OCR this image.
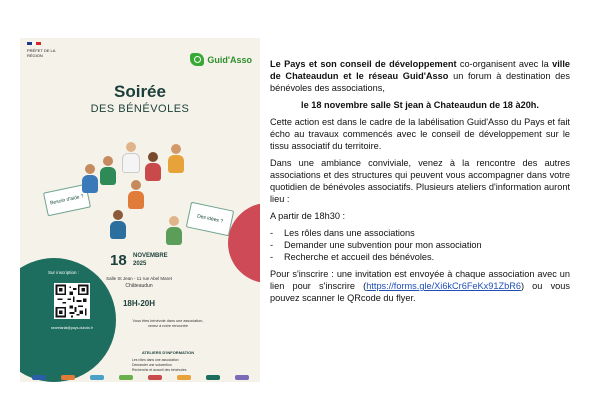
PRÉFET DE LA RÉGION	Guid'Asso
Soirée
DES BÉNÉVOLES
Besoin d'aide ?
Des idées ?
18 NOVEMBRE
2025
Salle St Jean - 11 rue Abel Maret
Châteaudun
18H-20H
Sur inscription :
secretariat@pays-dunois.fr
Vous êtes bénévole dans une association, venez à notre rencontre
ATELIERS D'INFORMATION
Les rôles dans une association
Demander une subvention
Recherche et accueil des bénévoles

Le Pays et son conseil de développement co-organisent avec la ville de Chateaudun et le réseau Guid'Asso un forum à destination des bénévoles des associations,

le 18 novembre salle St jean à Chateaudun de 18 à20h.

Cette action est dans le cadre de la labélisation Guid'Asso du Pays et fait écho au travaux commencés avec le conseil de développement sur le tissu associatif du territoire.

Dans une ambiance conviviale, venez à la rencontre des autres associations et des structures qui peuvent vous accompagner dans votre quotidien de bénévoles associatifs. Plusieurs ateliers d'information auront lieu :

A partir de 18h30 :

- Les rôles dans une associations
- Demander une subvention pour mon association
- Recherche et accueil des bénévoles.

Pour s'inscrire : une invitation est envoyée à chaque association avec un lien pour s'inscrire (https://forms.gle/Xi6kCr6FeKx91ZbR6) ou vous pouvez scanner le QRcode du flyer.
